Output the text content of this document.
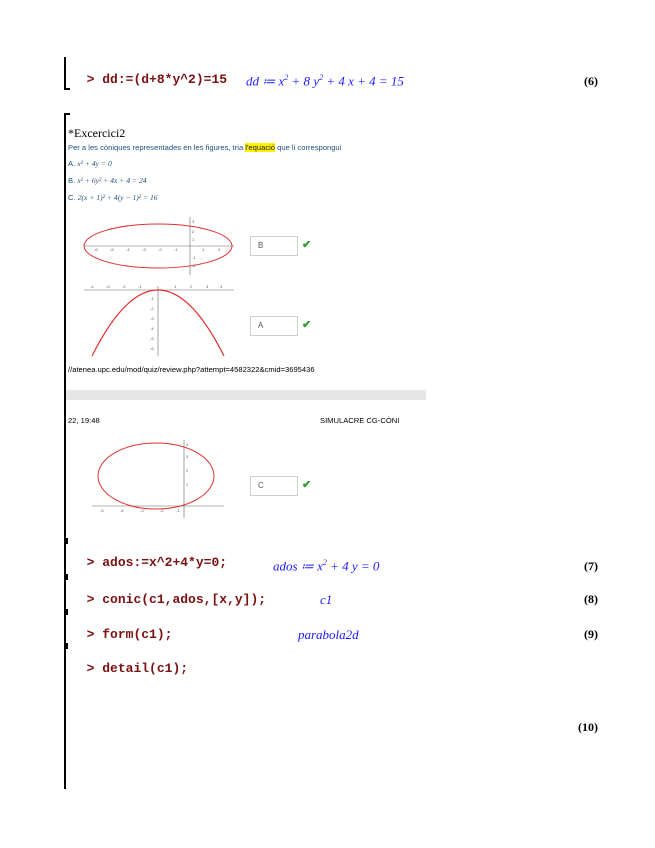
> dd:=(d+8*y^2)=15 dd ≔ $x^2 + 8$ $y^2 + 4$ x + 4 = 15	(6)
*Excercici2
Per a les còniques representades en les figures, tria l'equació que li correspongui
A. x² + 4y = 0
B. x² + 6y² + 4x + 4 = 24
C. 2(x + 1)² + 4(y − 1)² = 16
-6	-5	-4	-3	-2	-1	1	2
3
2
1
-1
-2
B	✔
-4	-3	-2	-1	1	2	3	4
-1
-2
-3
-4
-5
-6
A	✔
//atenea.upc.edu/mod/quiz/review.php?attempt=4582322&cmid=3695436
22, 19:48	SIMULACRE CG-CÒNI
-5	-4	-3	-2	-1
4
3
2
1	C	✔

> ados:=x^2+4*y=0;	ados ≔ $x^2 + 4$ y = 0	(7)

> conic(c1,ados,[x,y]);	c1	(8)

> form(c1);	parabola2d	(9)

> detail(c1);

(10)
